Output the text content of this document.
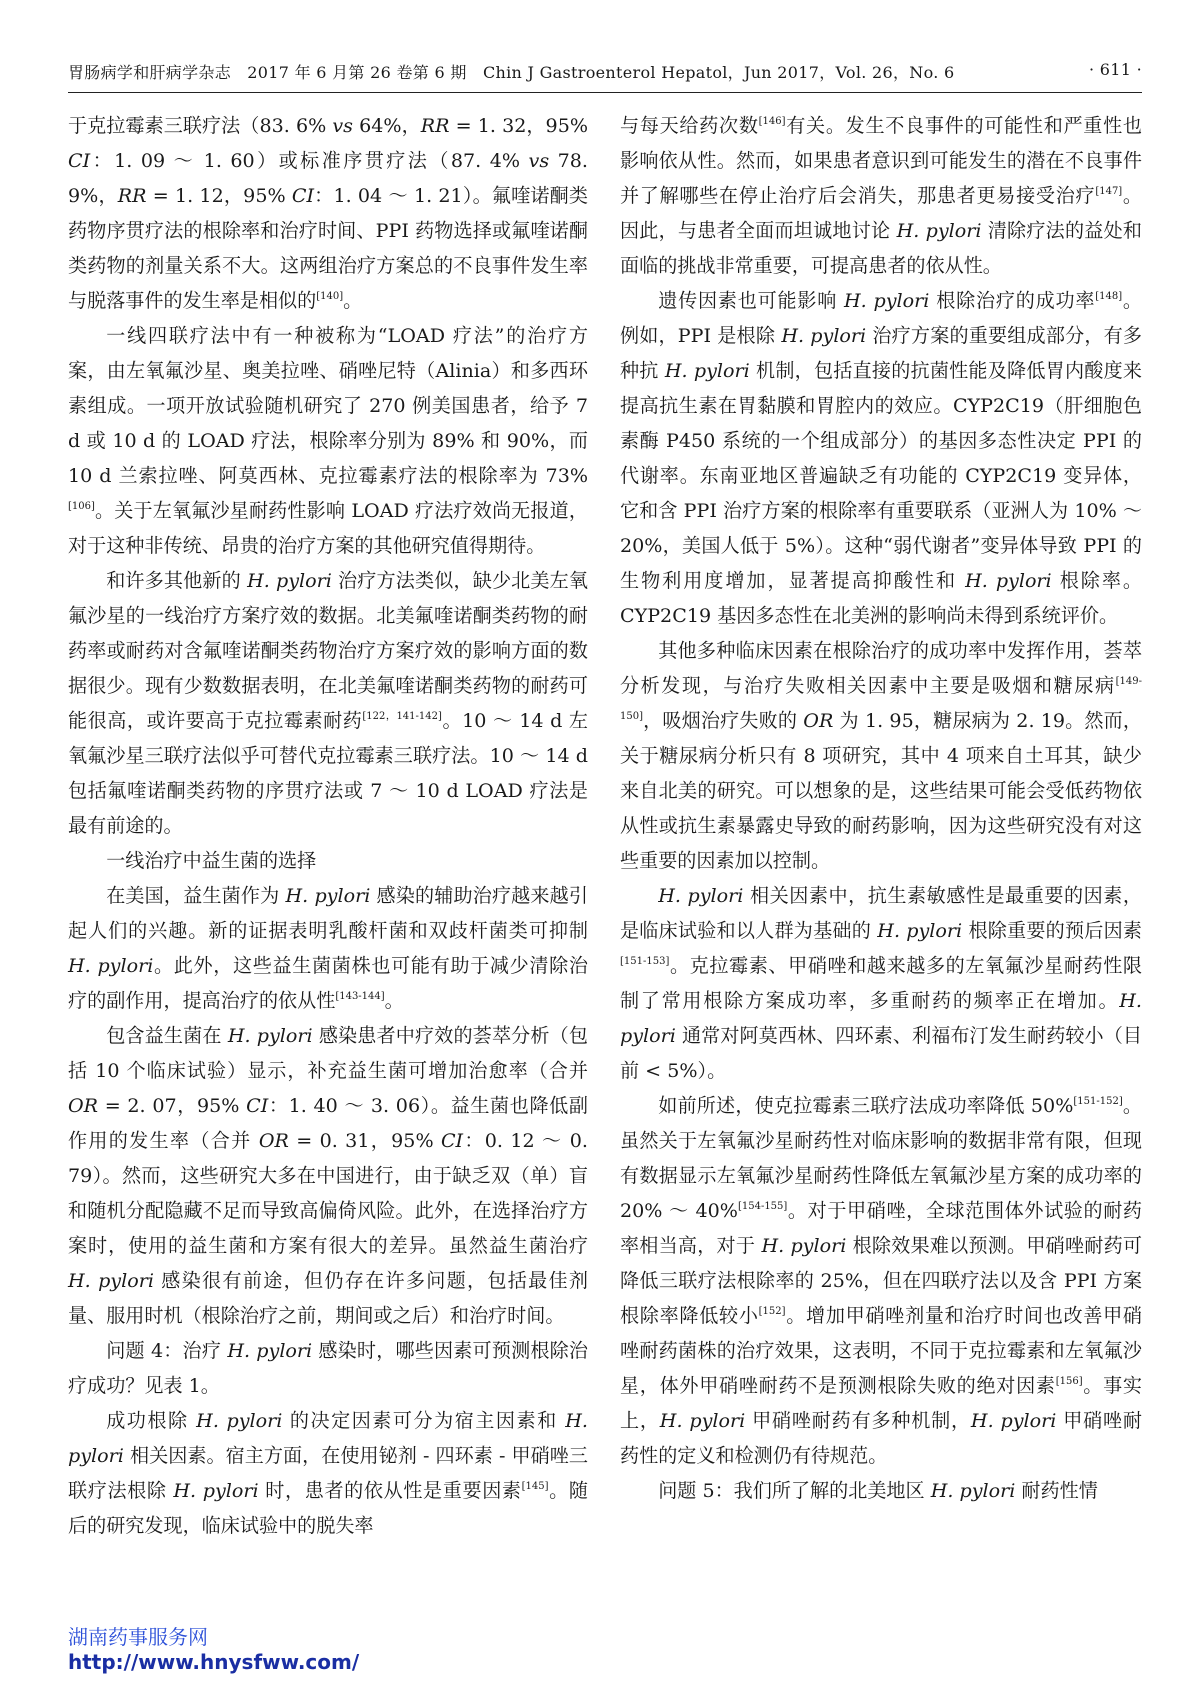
胃肠病学和肝病学杂志　2017 年 6 月第 26 卷第 6 期　Chin J Gastroenterol Hepatol，Jun 2017，Vol. 26，No. 6	· 611 ·

于克拉霉素三联疗法（83. 6% vs 64%，RR = 1. 32，95% CI：1. 09 ～ 1. 60）或标准序贯疗法（87. 4% vs 78. 9%，RR = 1. 12，95% CI：1. 04 ～ 1. 21）。氟喹诺酮类药物序贯疗法的根除率和治疗时间、PPI 药物选择或氟喹诺酮类药物的剂量关系不大。这两组治疗方案总的不良事件发生率与脱落事件的发生率是相似的[140]。

一线四联疗法中有一种被称为“LOAD 疗法”的治疗方案，由左氧氟沙星、奥美拉唑、硝唑尼特（Alinia）和多西环素组成。一项开放试验随机研究了 270 例美国患者，给予 7 d 或 10 d 的 LOAD 疗法，根除率分别为 89% 和 90%，而 10 d 兰索拉唑、阿莫西林、克拉霉素疗法的根除率为 73%[106]。关于左氧氟沙星耐药性影响 LOAD 疗法疗效尚无报道，对于这种非传统、昂贵的治疗方案的其他研究值得期待。

和许多其他新的 H. pylori 治疗方法类似，缺少北美左氧氟沙星的一线治疗方案疗效的数据。北美氟喹诺酮类药物的耐药率或耐药对含氟喹诺酮类药物治疗方案疗效的影响方面的数据很少。现有少数数据表明，在北美氟喹诺酮类药物的耐药可能很高，或许要高于克拉霉素耐药[122，141-142]。10 ～ 14 d 左氧氟沙星三联疗法似乎可替代克拉霉素三联疗法。10 ～ 14 d 包括氟喹诺酮类药物的序贯疗法或 7 ～ 10 d LOAD 疗法是最有前途的。

一线治疗中益生菌的选择

在美国，益生菌作为 H. pylori 感染的辅助治疗越来越引起人们的兴趣。新的证据表明乳酸杆菌和双歧杆菌类可抑制 H. pylori。此外，这些益生菌菌株也可能有助于减少清除治疗的副作用，提高治疗的依从性[143-144]。

包含益生菌在 H. pylori 感染患者中疗效的荟萃分析（包括 10 个临床试验）显示，补充益生菌可增加治愈率（合并 OR = 2. 07，95% CI：1. 40 ～ 3. 06）。益生菌也降低副作用的发生率（合并 OR = 0. 31，95% CI：0. 12 ～ 0. 79）。然而，这些研究大多在中国进行，由于缺乏双（单）盲和随机分配隐藏不足而导致高偏倚风险。此外，在选择治疗方案时，使用的益生菌和方案有很大的差异。虽然益生菌治疗 H. pylori 感染很有前途，但仍存在许多问题，包括最佳剂量、服用时机（根除治疗之前，期间或之后）和治疗时间。

问题 4：治疗 H. pylori 感染时，哪些因素可预测根除治疗成功？见表 1。

成功根除 H. pylori 的决定因素可分为宿主因素和 H. pylori 相关因素。宿主方面，在使用铋剂 - 四环素 - 甲硝唑三联疗法根除 H. pylori 时，患者的依从性是重要因素[145]。随后的研究发现，临床试验中的脱失率

与每天给药次数[146]有关。发生不良事件的可能性和严重性也影响依从性。然而，如果患者意识到可能发生的潜在不良事件并了解哪些在停止治疗后会消失，那患者更易接受治疗[147]。因此，与患者全面而坦诚地讨论 H. pylori 清除疗法的益处和面临的挑战非常重要，可提高患者的依从性。

遗传因素也可能影响 H. pylori 根除治疗的成功率[148]。例如，PPI 是根除 H. pylori 治疗方案的重要组成部分，有多种抗 H. pylori 机制，包括直接的抗菌性能及降低胃内酸度来提高抗生素在胃黏膜和胃腔内的效应。CYP2C19（肝细胞色素酶 P450 系统的一个组成部分）的基因多态性决定 PPI 的代谢率。东南亚地区普遍缺乏有功能的 CYP2C19 变异体，它和含 PPI 治疗方案的根除率有重要联系（亚洲人为 10% ～ 20%，美国人低于 5%）。这种“弱代谢者”变异体导致 PPI 的生物利用度增加，显著提高抑酸性和 H. pylori 根除率。CYP2C19 基因多态性在北美洲的影响尚未得到系统评价。

其他多种临床因素在根除治疗的成功率中发挥作用，荟萃分析发现，与治疗失败相关因素中主要是吸烟和糖尿病[149-150]，吸烟治疗失败的 OR 为 1. 95，糖尿病为 2. 19。然而，关于糖尿病分析只有 8 项研究，其中 4 项来自土耳其，缺少来自北美的研究。可以想象的是，这些结果可能会受低药物依从性或抗生素暴露史导致的耐药影响，因为这些研究没有对这些重要的因素加以控制。

H. pylori 相关因素中，抗生素敏感性是最重要的因素，是临床试验和以人群为基础的 H. pylori 根除重要的预后因素[151-153]。克拉霉素、甲硝唑和越来越多的左氧氟沙星耐药性限制了常用根除方案成功率，多重耐药的频率正在增加。H. pylori 通常对阿莫西林、四环素、利福布汀发生耐药较小（目前 < 5%）。

如前所述，使克拉霉素三联疗法成功率降低 50%[151-152]。虽然关于左氧氟沙星耐药性对临床影响的数据非常有限，但现有数据显示左氧氟沙星耐药性降低左氧氟沙星方案的成功率的 20% ～ 40%[154-155]。对于甲硝唑，全球范围体外试验的耐药率相当高，对于 H. pylori 根除效果难以预测。甲硝唑耐药可降低三联疗法根除率的 25%，但在四联疗法以及含 PPI 方案根除率降低较小[152]。增加甲硝唑剂量和治疗时间也改善甲硝唑耐药菌株的治疗效果，这表明，不同于克拉霉素和左氧氟沙星，体外甲硝唑耐药不是预测根除失败的绝对因素[156]。事实上，H. pylori 甲硝唑耐药有多种机制，H. pylori 甲硝唑耐药性的定义和检测仍有待规范。

问题 5：我们所了解的北美地区 H. pylori 耐药性情

湖南药事服务网
http://www.hnysfww.com/
